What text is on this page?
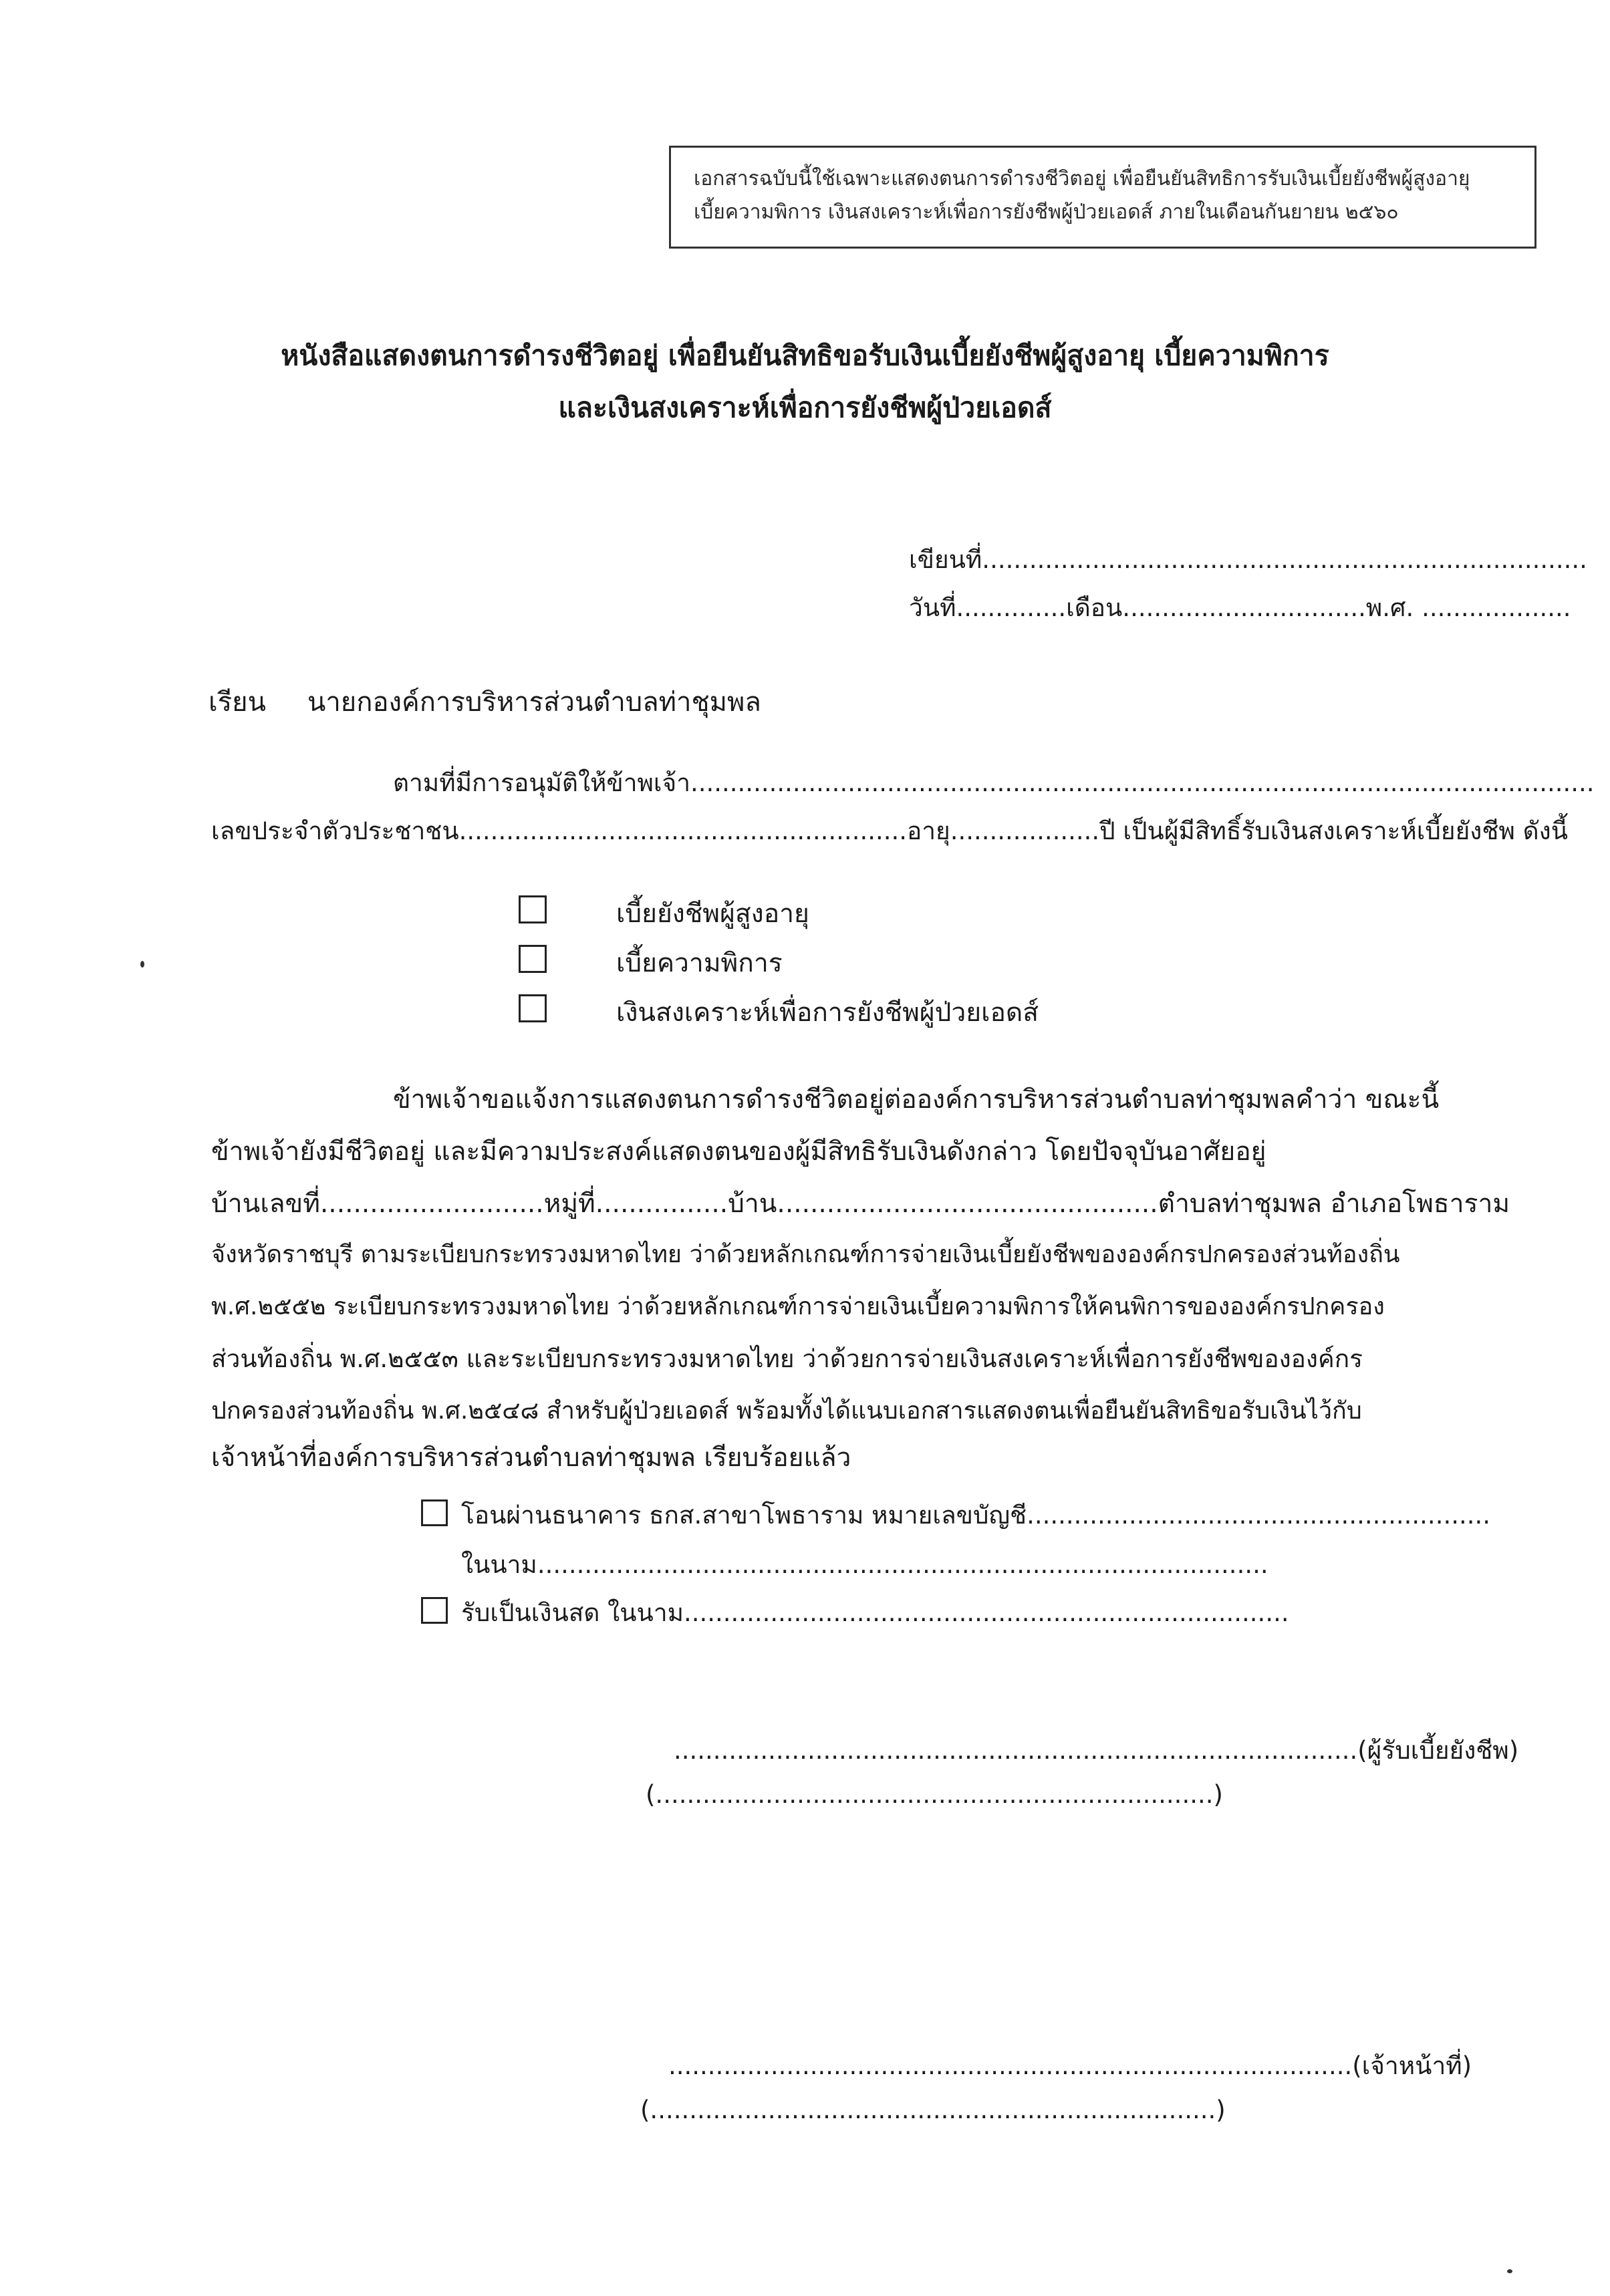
เอกสารฉบับนี้ใช้เฉพาะแสดงตนการดำรงชีวิตอยู่ เพื่อยืนยันสิทธิการรับเงินเบี้ยยังชีพผู้สูงอายุ
เบี้ยความพิการ เงินสงเคราะห์เพื่อการยังชีพผู้ป่วยเอดส์ ภายในเดือนกันยายน ๒๕๖๐
หนังสือแสดงตนการดำรงชีวิตอยู่ เพื่อยืนยันสิทธิขอรับเงินเบี้ยยังชีพผู้สูงอายุ เบี้ยความพิการ
และเงินสงเคราะห์เพื่อการยังชีพผู้ป่วยเอดส์
เขียนที่.............................................................................
วันที่..............เดือน...............................พ.ศ. ...................
เรียน นายกองค์การบริหารส่วนตำบลท่าชุมพล
ตามที่มีการอนุมัติให้ข้าพเจ้า...................................................................................................................
เลขประจำตัวประชาชน.........................................................อายุ...................ปี เป็นผู้มีสิทธิ์รับเงินสงเคราะห์เบี้ยยังชีพ ดังนี้
เบี้ยยังชีพผู้สูงอายุ
เบี้ยความพิการ
เงินสงเคราะห์เพื่อการยังชีพผู้ป่วยเอดส์
ข้าพเจ้าขอแจ้งการแสดงตนการดำรงชีวิตอยู่ต่อองค์การบริหารส่วนตำบลท่าชุมพลคำว่า ขณะนี้
ข้าพเจ้ายังมีชีวิตอยู่ และมีความประสงค์แสดงตนของผู้มีสิทธิรับเงินดังกล่าว โดยปัจจุบันอาศัยอยู่
บ้านเลขที่...........................หมู่ที่................บ้าน..............................................ตำบลท่าชุมพล อำเภอโพธาราม
จังหวัดราชบุรี ตามระเบียบกระทรวงมหาดไทย ว่าด้วยหลักเกณฑ์การจ่ายเงินเบี้ยยังชีพขององค์กรปกครองส่วนท้องถิ่น
พ.ศ.๒๕๕๒ ระเบียบกระทรวงมหาดไทย ว่าด้วยหลักเกณฑ์การจ่ายเงินเบี้ยความพิการให้คนพิการขององค์กรปกครอง
ส่วนท้องถิ่น พ.ศ.๒๕๕๓ และระเบียบกระทรวงมหาดไทย ว่าด้วยการจ่ายเงินสงเคราะห์เพื่อการยังชีพขององค์กร
ปกครองส่วนท้องถิ่น พ.ศ.๒๕๔๘ สำหรับผู้ป่วยเอดส์ พร้อมทั้งได้แนบเอกสารแสดงตนเพื่อยืนยันสิทธิขอรับเงินไว้กับ
เจ้าหน้าที่องค์การบริหารส่วนตำบลท่าชุมพล เรียบร้อยแล้ว
โอนผ่านธนาคาร ธกส.สาขาโพธาราม หมายเลขบัญชี...........................................................
ในนาม.............................................................................................
รับเป็นเงินสด ในนาม.............................................................................
.......................................................................................(ผู้รับเบี้ยยังชีพ)
(.......................................................................)
.......................................................................................(เจ้าหน้าที่)
(........................................................................)
